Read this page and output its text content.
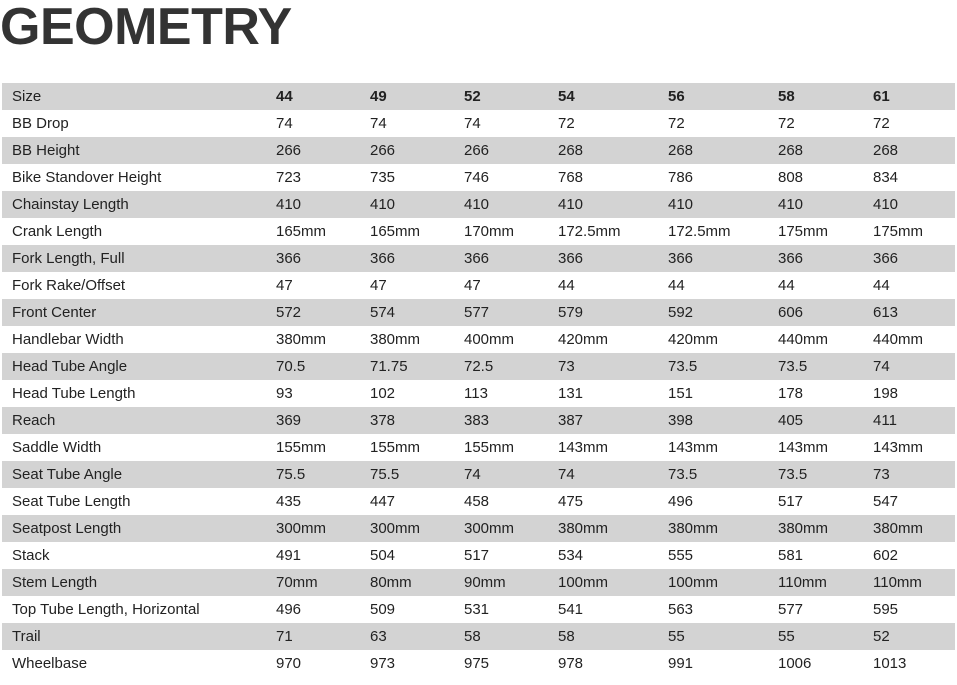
GEOMETRY
Size	44	49	52	54	56	58	61
BB Drop	74	74	74	72	72	72	72
BB Height	266	266	266	268	268	268	268
Bike Standover Height	723	735	746	768	786	808	834
Chainstay Length	410	410	410	410	410	410	410
Crank Length	165mm	165mm	170mm	172.5mm	172.5mm	175mm	175mm
Fork Length, Full	366	366	366	366	366	366	366
Fork Rake/Offset	47	47	47	44	44	44	44
Front Center	572	574	577	579	592	606	613
Handlebar Width	380mm	380mm	400mm	420mm	420mm	440mm	440mm
Head Tube Angle	70.5	71.75	72.5	73	73.5	73.5	74
Head Tube Length	93	102	113	131	151	178	198
Reach	369	378	383	387	398	405	411
Saddle Width	155mm	155mm	155mm	143mm	143mm	143mm	143mm
Seat Tube Angle	75.5	75.5	74	74	73.5	73.5	73
Seat Tube Length	435	447	458	475	496	517	547
Seatpost Length	300mm	300mm	300mm	380mm	380mm	380mm	380mm
Stack	491	504	517	534	555	581	602
Stem Length	70mm	80mm	90mm	100mm	100mm	110mm	110mm
Top Tube Length, Horizontal	496	509	531	541	563	577	595
Trail	71	63	58	58	55	55	52
Wheelbase	970	973	975	978	991	1006	1013
